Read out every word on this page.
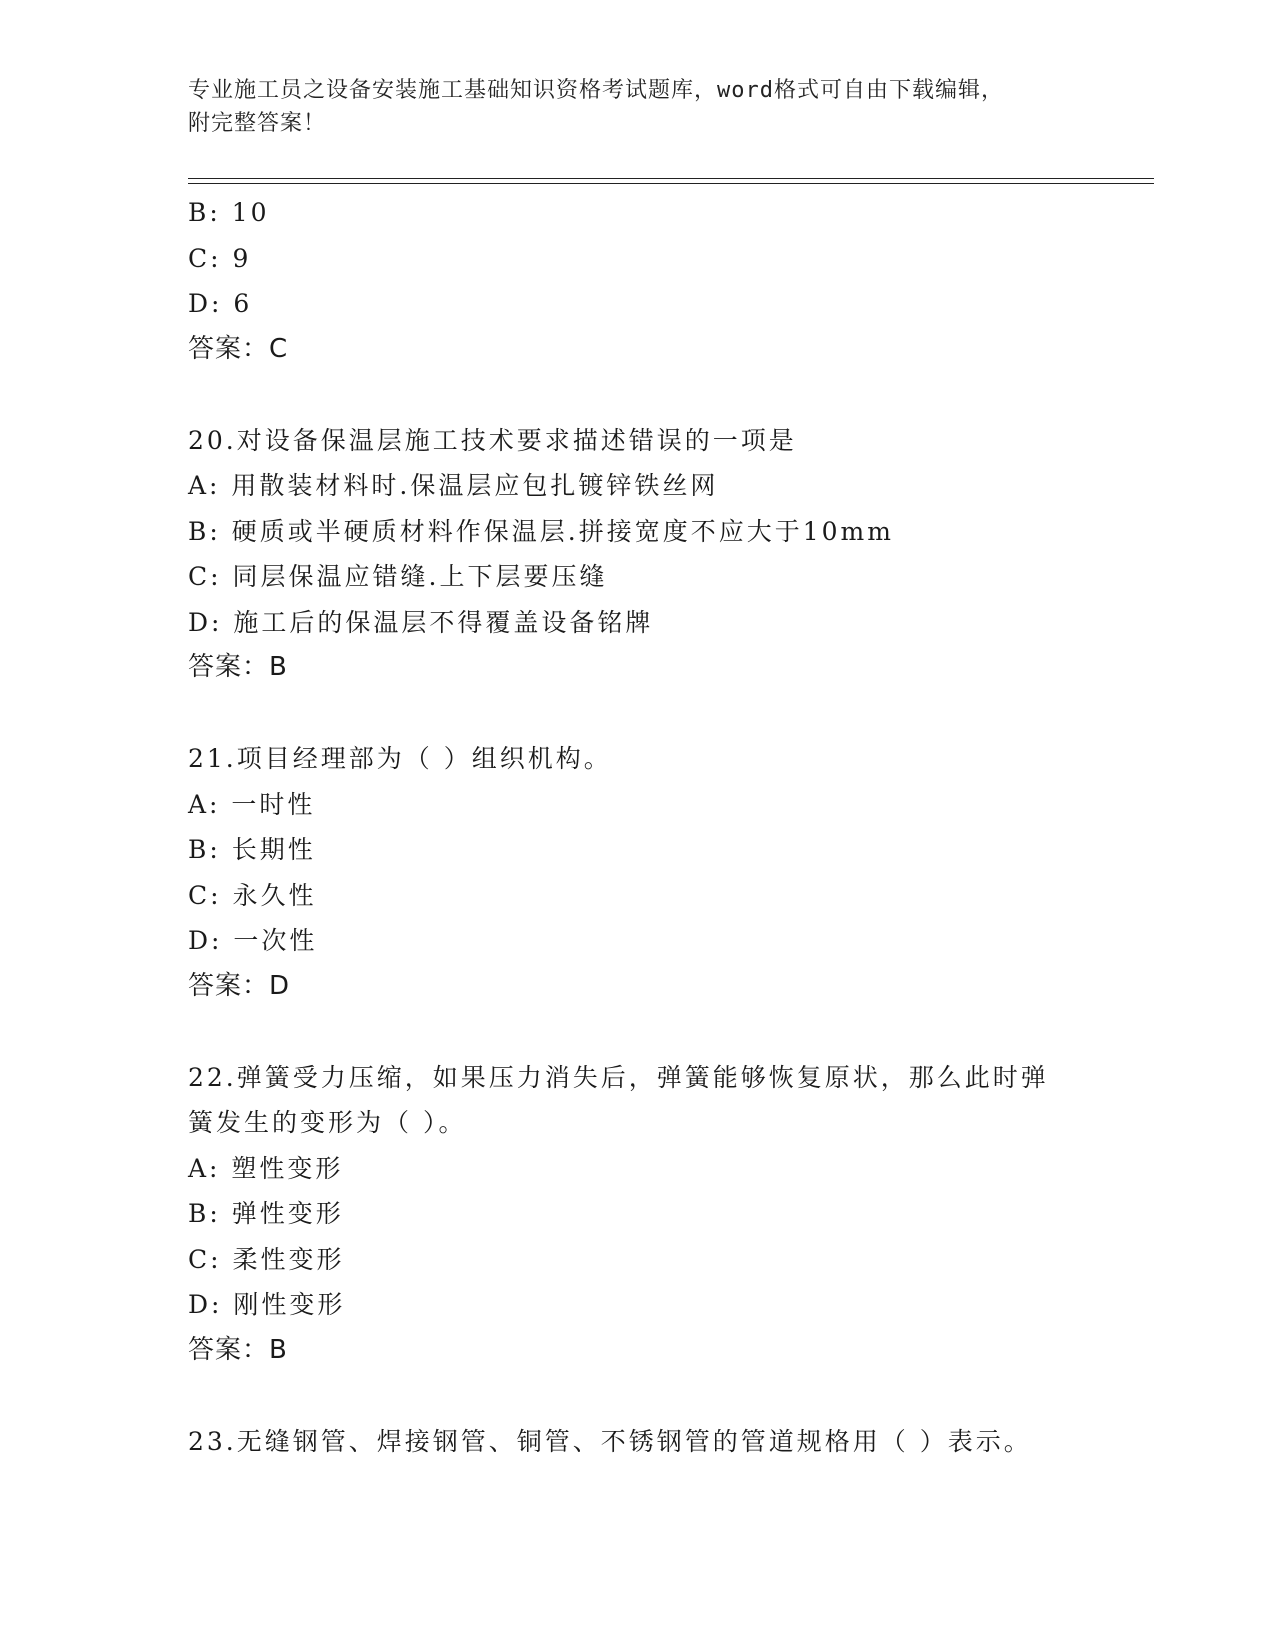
专业施工员之设备安装施工基础知识资格考试题库，word格式可自由下载编辑，
附完整答案！
B: 10
C: 9
D: 6
答案：C
20.对设备保温层施工技术要求描述错误的一项是
A: 用散装材料时.保温层应包扎镀锌铁丝网
B: 硬质或半硬质材料作保温层.拼接宽度不应大于10mm
C: 同层保温应错缝.上下层要压缝
D: 施工后的保温层不得覆盖设备铭牌
答案：B
21.项目经理部为（ ）组织机构。
A: 一时性
B: 长期性
C: 永久性
D: 一次性
答案：D
22.弹簧受力压缩，如果压力消失后，弹簧能够恢复原状，那么此时弹
簧发生的变形为（ ）。
A: 塑性变形
B: 弹性变形
C: 柔性变形
D: 刚性变形
答案：B
23.无缝钢管、焊接钢管、铜管、不锈钢管的管道规格用（ ）表示。
